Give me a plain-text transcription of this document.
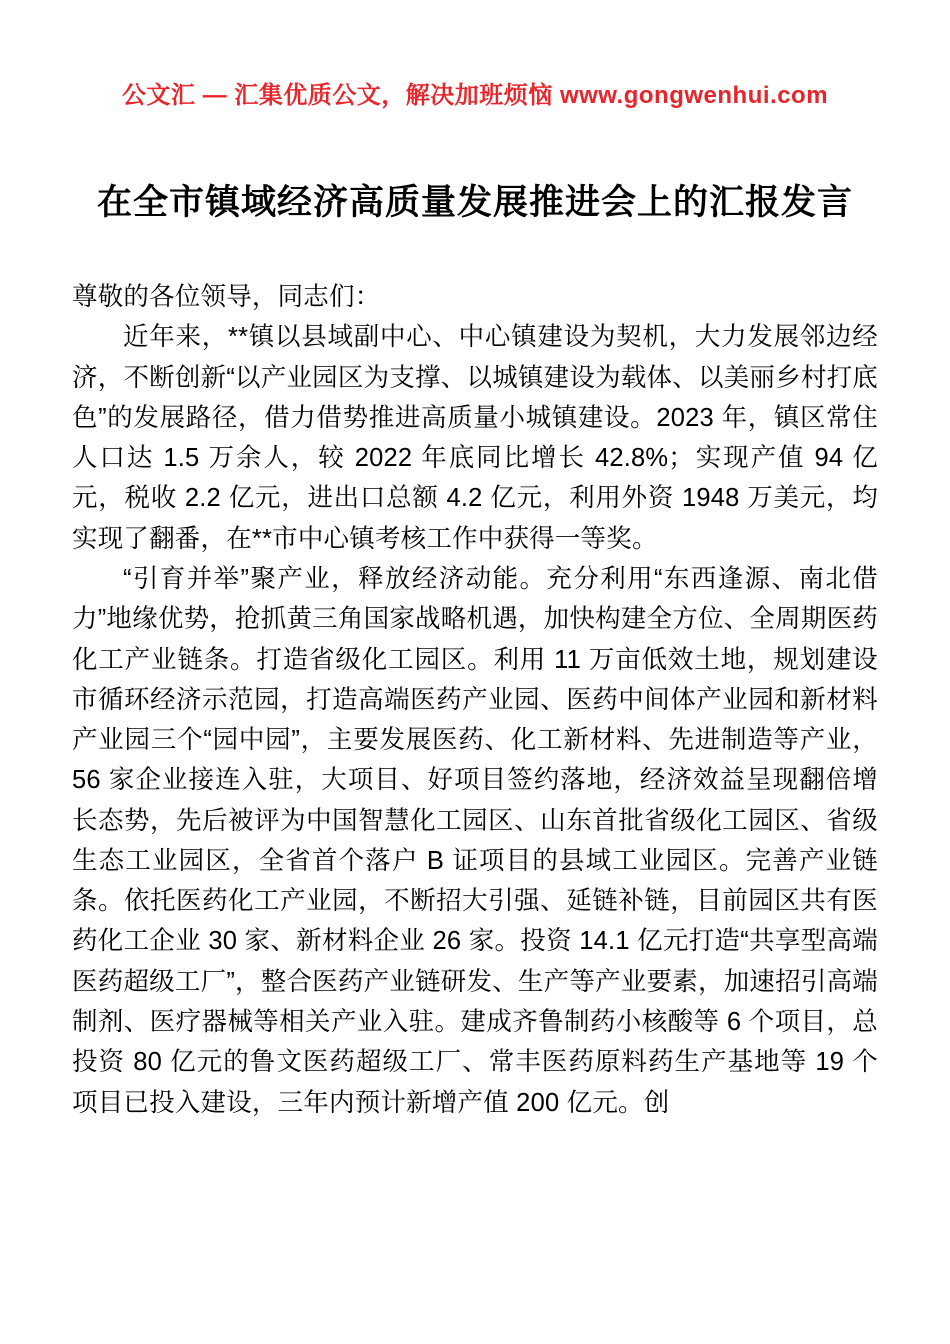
公文汇 — 汇集优质公文，解决加班烦恼 www.gongwenhui.com
在全市镇域经济高质量发展推进会上的汇报发言

尊敬的各位领导，同志们：

近年来，**镇以县域副中心、中心镇建设为契机，大力发展邻边经济，不断创新“以产业园区为支撑、以城镇建设为载体、以美丽乡村打底色”的发展路径，借力借势推进高质量小城镇建设。2023 年，镇区常住人口达 1.5 万余人，较 2022 年底同比增长 42.8%；实现产值 94 亿元，税收 2.2 亿元，进出口总额 4.2 亿元，利用外资 1948 万美元，均实现了翻番，在**市中心镇考核工作中获得一等奖。

“引育并举”聚产业，释放经济动能。充分利用“东西逢源、南北借力”地缘优势，抢抓黄三角国家战略机遇，加快构建全方位、全周期医药化工产业链条。打造省级化工园区。利用 11 万亩低效土地，规划建设市循环经济示范园，打造高端医药产业园、医药中间体产业园和新材料产业园三个“园中园”，主要发展医药、化工新材料、先进制造等产业，56 家企业接连入驻，大项目、好项目签约落地，经济效益呈现翻倍增长态势，先后被评为中国智慧化工园区、山东首批省级化工园区、省级生态工业园区，全省首个落户 B 证项目的县域工业园区。完善产业链条。依托医药化工产业园，不断招大引强、延链补链，目前园区共有医药化工企业 30 家、新材料企业 26 家。投资 14.1 亿元打造“共享型高端医药超级工厂”，整合医药产业链研发、生产等产业要素，加速招引高端制剂、医疗器械等相关产业入驻。建成齐鲁制药小核酸等 6 个项目，总投资 80 亿元的鲁文医药超级工厂、常丰医药原料药生产基地等 19 个项目已投入建设，三年内预计新增产值 200 亿元。创
